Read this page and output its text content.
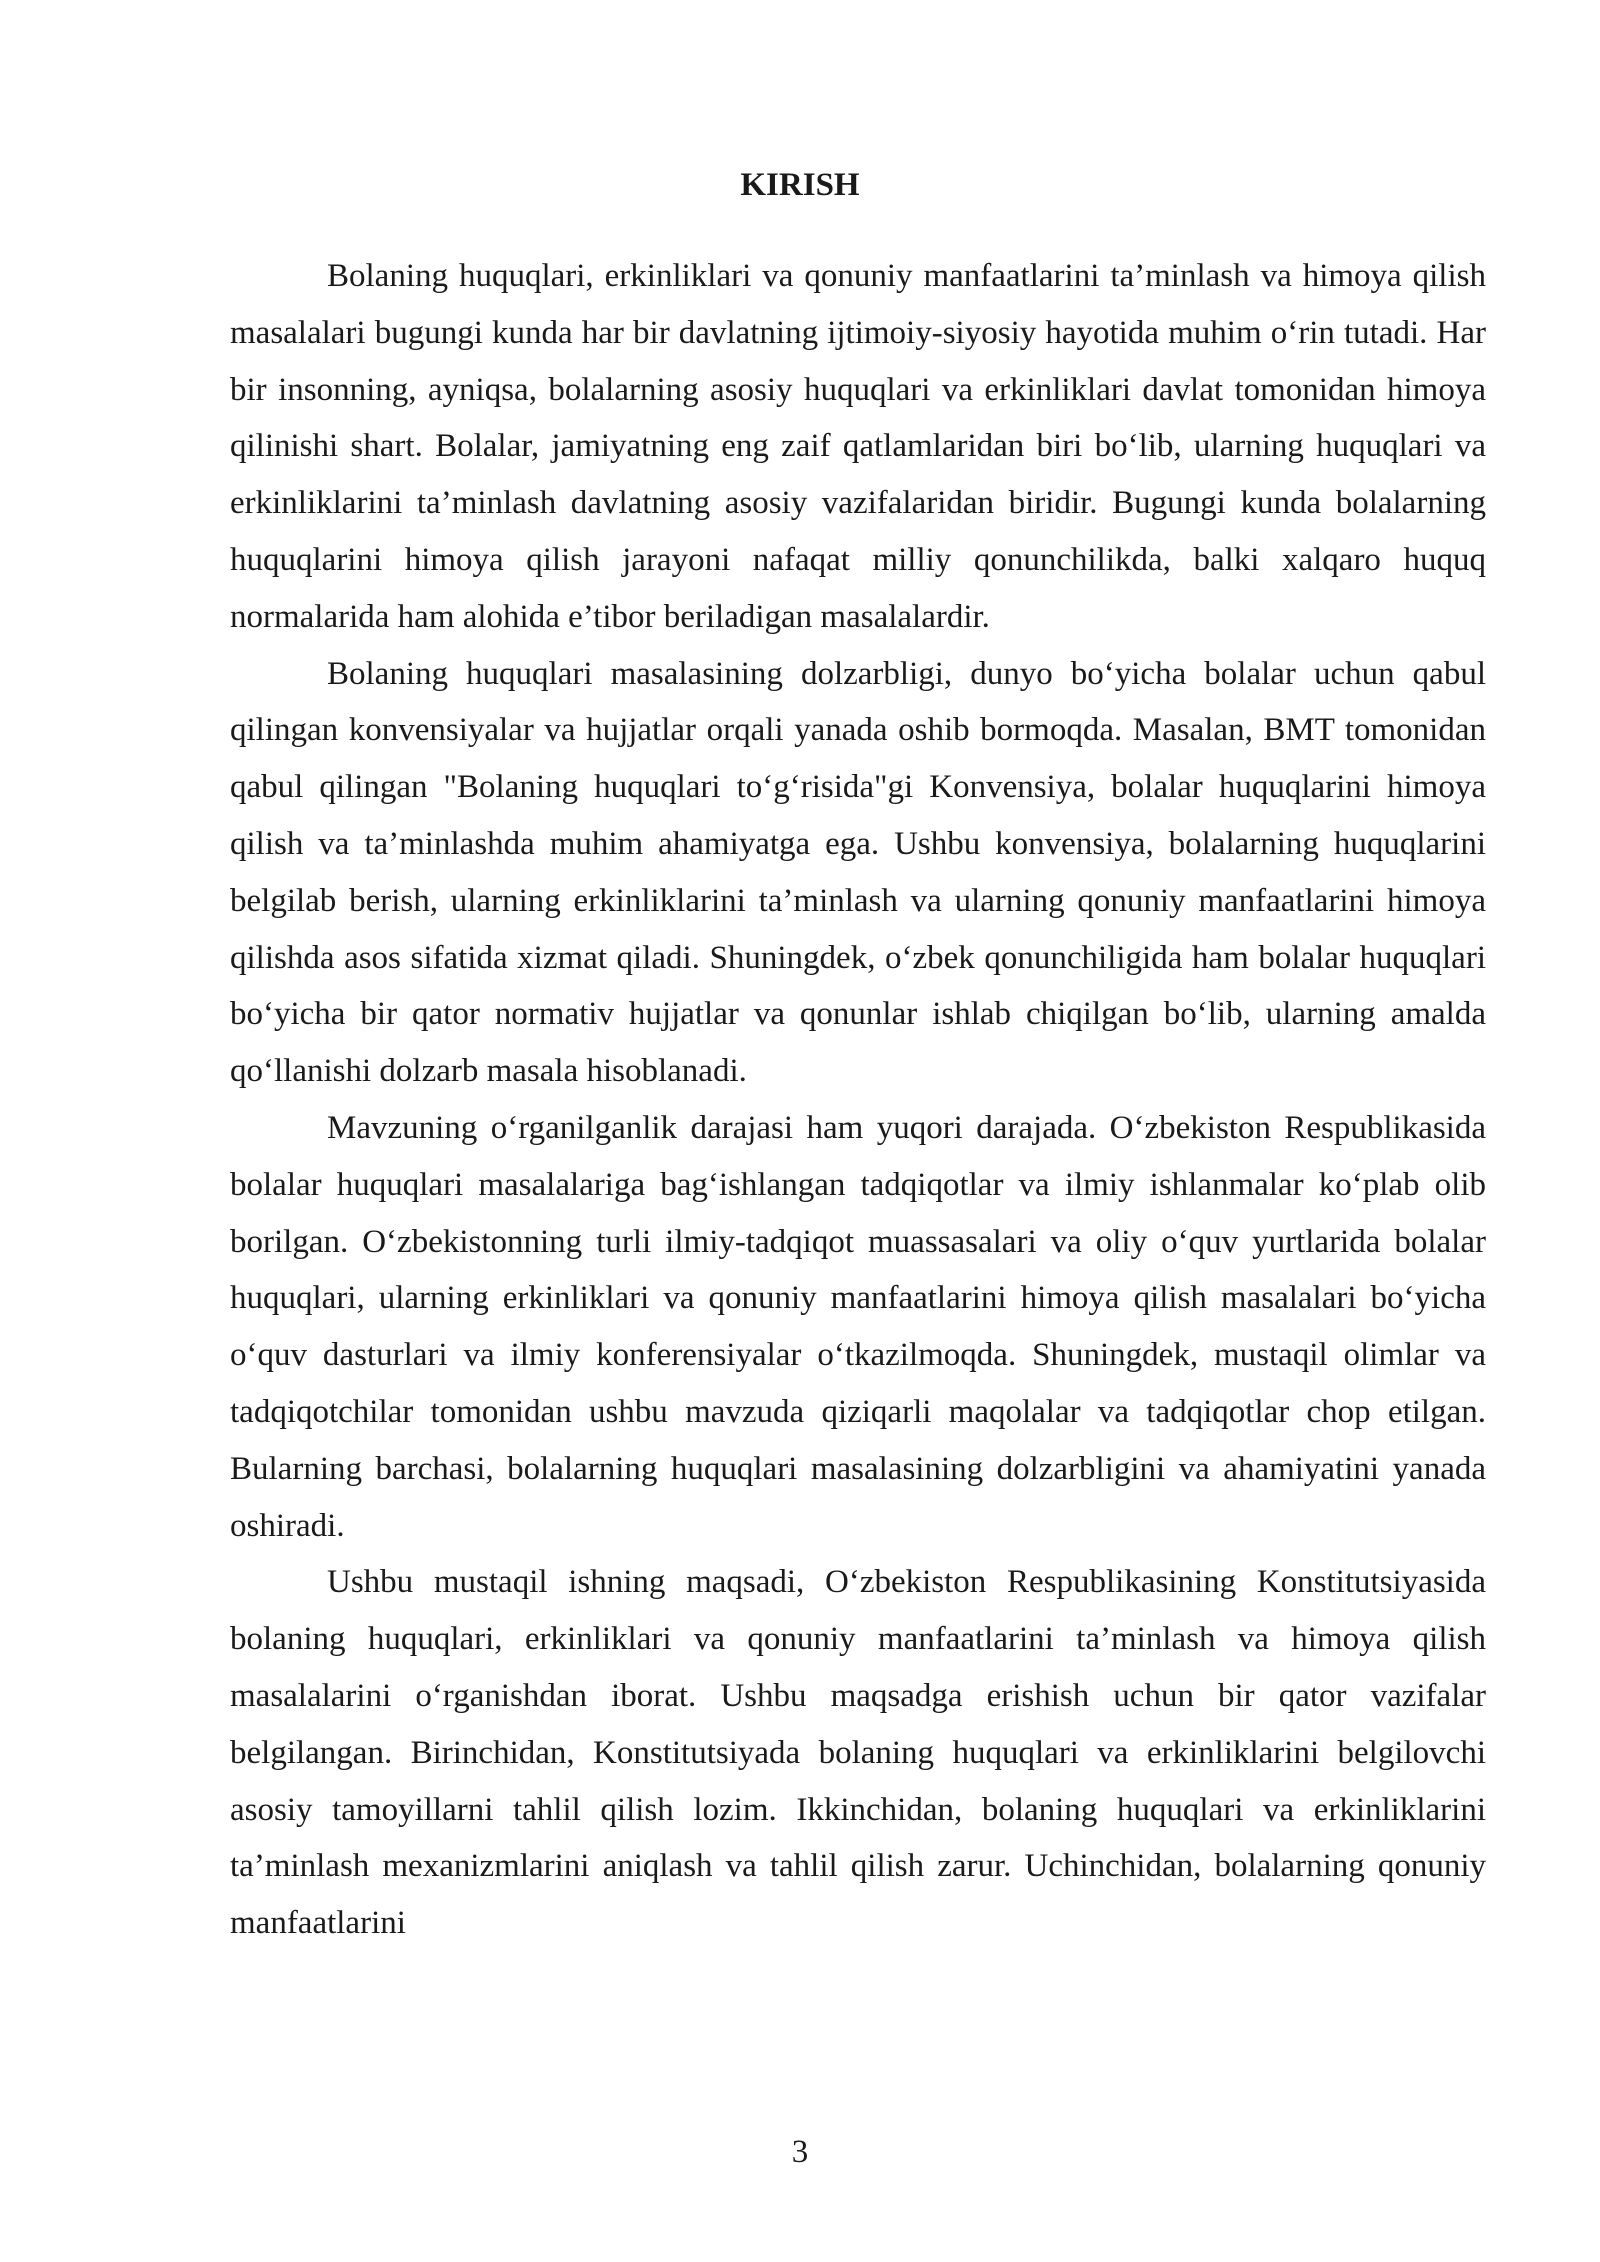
KIRISH

Bolaning huquqlari, erkinliklari va qonuniy manfaatlarini ta’minlash va himoya qilish masalalari bugungi kunda har bir davlatning ijtimoiy-siyosiy hayotida muhim o‘rin tutadi. Har bir insonning, ayniqsa, bolalarning asosiy huquqlari va erkinliklari davlat tomonidan himoya qilinishi shart. Bolalar, jamiyatning eng zaif qatlamlaridan biri bo‘lib, ularning huquqlari va erkinliklarini ta’minlash davlatning asosiy vazifalaridan biridir. Bugungi kunda bolalarning huquqlarini himoya qilish jarayoni nafaqat milliy qonunchilikda, balki xalqaro huquq normalarida ham alohida e’tibor beriladigan masalalardir.

Bolaning huquqlari masalasining dolzarbligi, dunyo bo‘yicha bolalar uchun qabul qilingan konvensiyalar va hujjatlar orqali yanada oshib bormoqda. Masalan, BMT tomonidan qabul qilingan "Bolaning huquqlari to‘g‘risida"gi Konvensiya, bolalar huquqlarini himoya qilish va ta’minlashda muhim ahamiyatga ega. Ushbu konvensiya, bolalarning huquqlarini belgilab berish, ularning erkinliklarini ta’minlash va ularning qonuniy manfaatlarini himoya qilishda asos sifatida xizmat qiladi. Shuningdek, o‘zbek qonunchiligida ham bolalar huquqlari bo‘yicha bir qator normativ hujjatlar va qonunlar ishlab chiqilgan bo‘lib, ularning amalda qo‘llanishi dolzarb masala hisoblanadi.

Mavzuning o‘rganilganlik darajasi ham yuqori darajada. O‘zbekiston Respublikasida bolalar huquqlari masalalariga bag‘ishlangan tadqiqotlar va ilmiy ishlanmalar ko‘plab olib borilgan. O‘zbekistonning turli ilmiy-tadqiqot muassasalari va oliy o‘quv yurtlarida bolalar huquqlari, ularning erkinliklari va qonuniy manfaatlarini himoya qilish masalalari bo‘yicha o‘quv dasturlari va ilmiy konferensiyalar o‘tkazilmoqda. Shuningdek, mustaqil olimlar va tadqiqotchilar tomonidan ushbu mavzuda qiziqarli maqolalar va tadqiqotlar chop etilgan. Bularning barchasi, bolalarning huquqlari masalasining dolzarbligini va ahamiyatini yanada oshiradi.

Ushbu mustaqil ishning maqsadi, O‘zbekiston Respublikasining Konstitutsiyasida bolaning huquqlari, erkinliklari va qonuniy manfaatlarini ta’minlash va himoya qilish masalalarini o‘rganishdan iborat. Ushbu maqsadga erishish uchun bir qator vazifalar belgilangan. Birinchidan, Konstitutsiyada bolaning huquqlari va erkinliklarini belgilovchi asosiy tamoyillarni tahlil qilish lozim. Ikkinchidan, bolaning huquqlari va erkinliklarini ta’minlash mexanizmlarini aniqlash va tahlil qilish zarur. Uchinchidan, bolalarning qonuniy manfaatlarini

3
